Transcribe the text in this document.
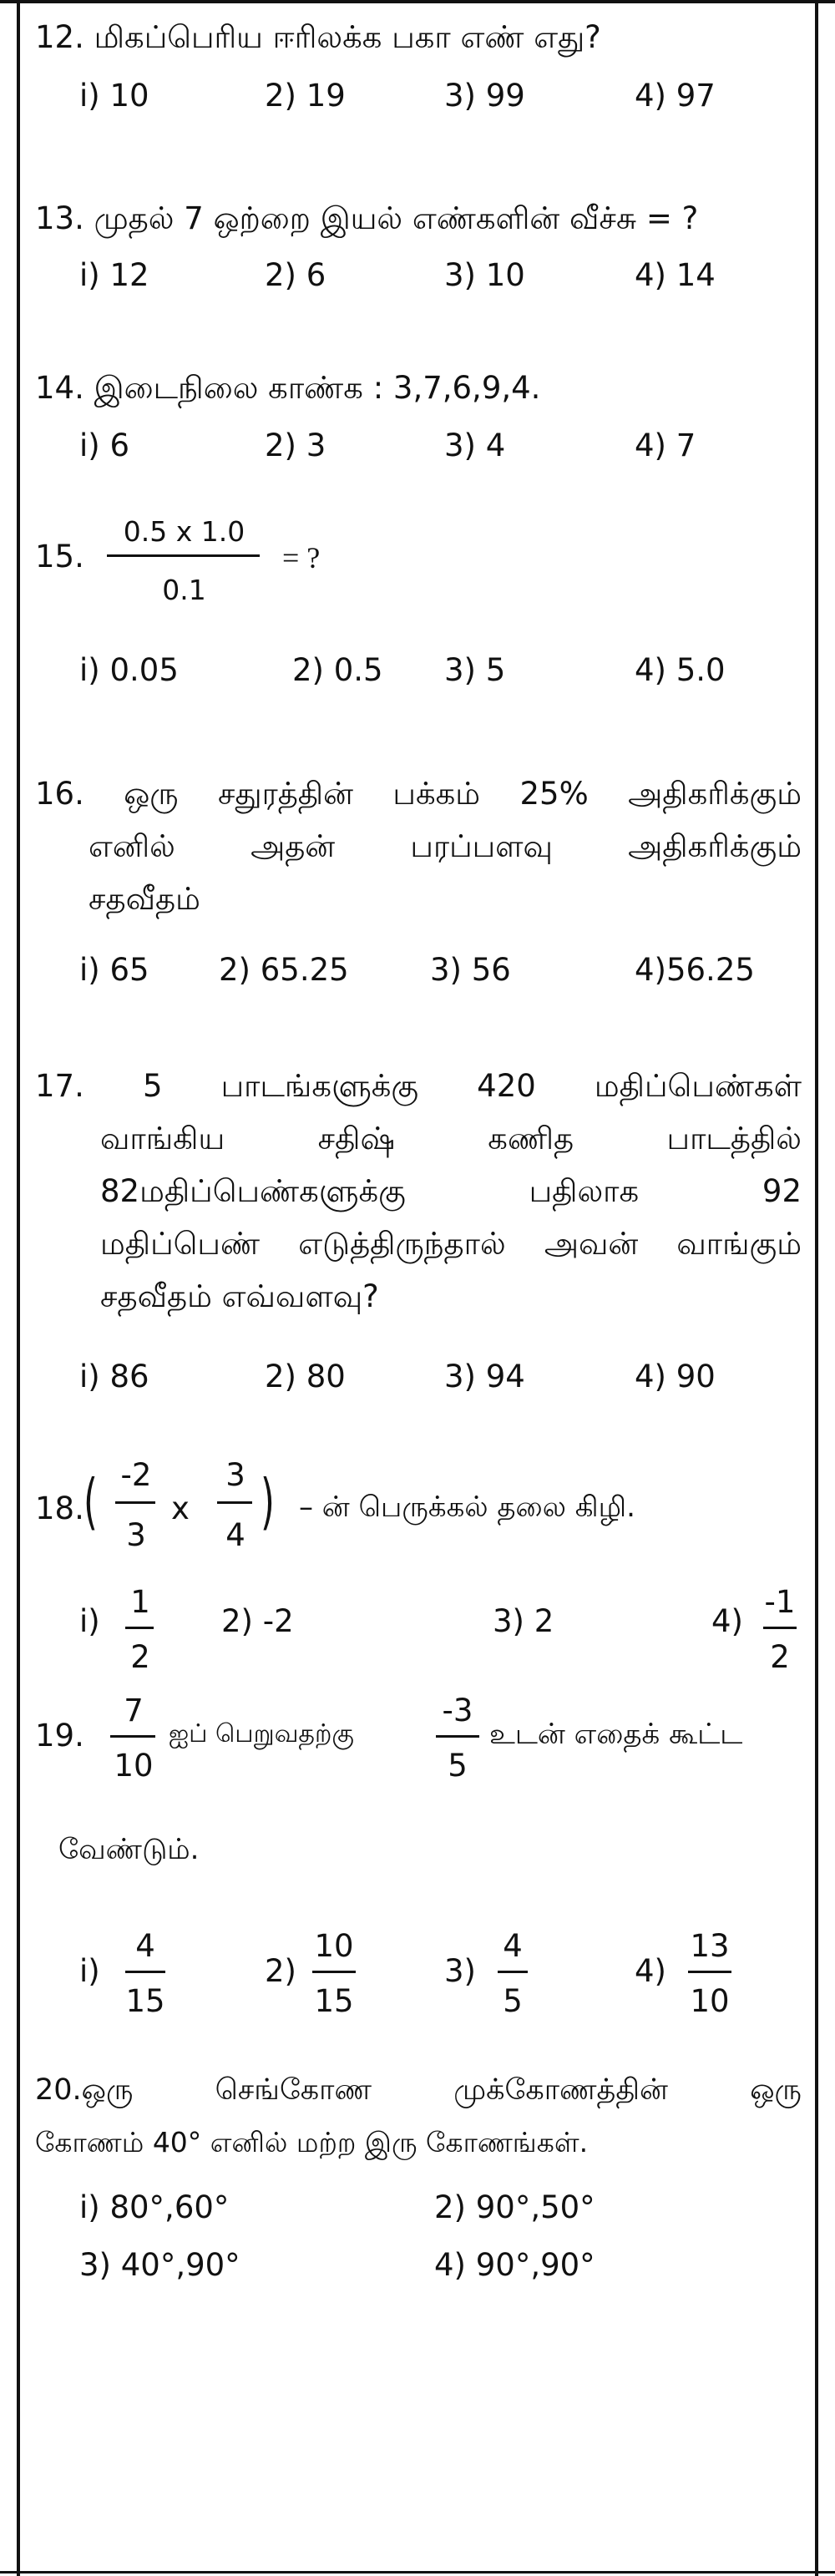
12. மிகப்பெரிய ஈரிலக்க பகா எண் எது?
i) 10	2) 19	3) 99	4) 97
13. முதல் 7 ஒற்றை இயல் எண்களின் வீச்சு = ?
i) 12	2) 6	3) 10	4) 14
14. இடைநிலை காண்க : 3,7,6,9,4.
i) 6	2) 3	3) 4	4) 7
15.
0.5 x 1.0
0.1
= ?
i) 0.05	2) 0.5 3) 5	4) 5.0
16. ஒரு சதுரத்தின் பக்கம் 25% அதிகரிக்கும்
எனில் அதன் பரப்பளவு அதிகரிக்கும்
சதவீதம்
i) 65 2) 65.25	3) 56	4)56.25
17. 5 பாடங்களுக்கு 420 மதிப்பெண்கள்
வாங்கிய சதிஷ் கணித பாடத்தில்
82மதிப்பெண்களுக்கு பதிலாக 92
மதிப்பெண் எடுத்திருந்தால் அவன் வாங்கும்
சதவீதம் எவ்வளவு?
i) 86	2) 80	3) 94	4) 90
18. ( -2
3
x
3
4 ) – ன் பெருக்கல் தலை கிழி.
i)
1
2
2) -2	3) 2	4)
-1
2
19.
7
10
ஐப் பெறுவதற்கு
-3
5
உடன் எதைக் கூட்ட
வேண்டும்.
i)
4
15
2)
10
15
3)
4
5
4)
13
10
20.ஒரு செங்கோண முக்கோணத்தின் ஒரு
கோணம் 40° எனில் மற்ற இரு கோணங்கள்.
i) 80°,60°	2) 90°,50°
3) 40°,90°	4) 90°,90°
